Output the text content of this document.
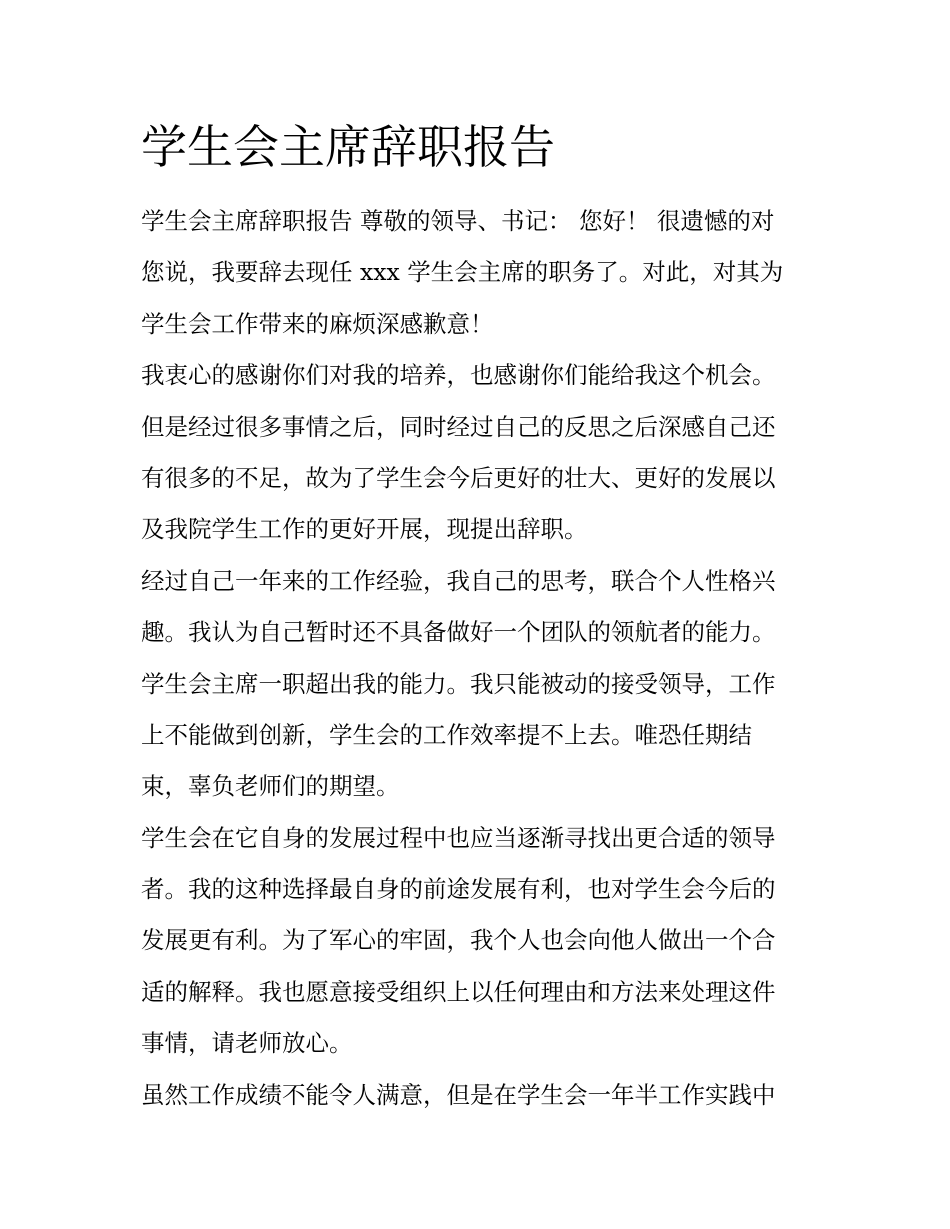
学生会主席辞职报告
学生会主席辞职报告 尊敬的领导、书记： 您好！ 很遗憾的对
您说，我要辞去现任 xxx 学生会主席的职务了。对此，对其为
学生会工作带来的麻烦深感歉意！
我衷心的感谢你们对我的培养，也感谢你们能给我这个机会。
但是经过很多事情之后，同时经过自己的反思之后深感自己还
有很多的不足，故为了学生会今后更好的壮大、更好的发展以
及我院学生工作的更好开展，现提出辞职。
经过自己一年来的工作经验，我自己的思考，联合个人性格兴
趣。我认为自己暂时还不具备做好一个团队的领航者的能力。
学生会主席一职超出我的能力。我只能被动的接受领导，工作
上不能做到创新，学生会的工作效率提不上去。唯恐任期结
束，辜负老师们的期望。
学生会在它自身的发展过程中也应当逐渐寻找出更合适的领导
者。我的这种选择最自身的前途发展有利，也对学生会今后的
发展更有利。为了军心的牢固，我个人也会向他人做出一个合
适的解释。我也愿意接受组织上以任何理由和方法来处理这件
事情，请老师放心。
虽然工作成绩不能令人满意，但是在学生会一年半工作实践中
